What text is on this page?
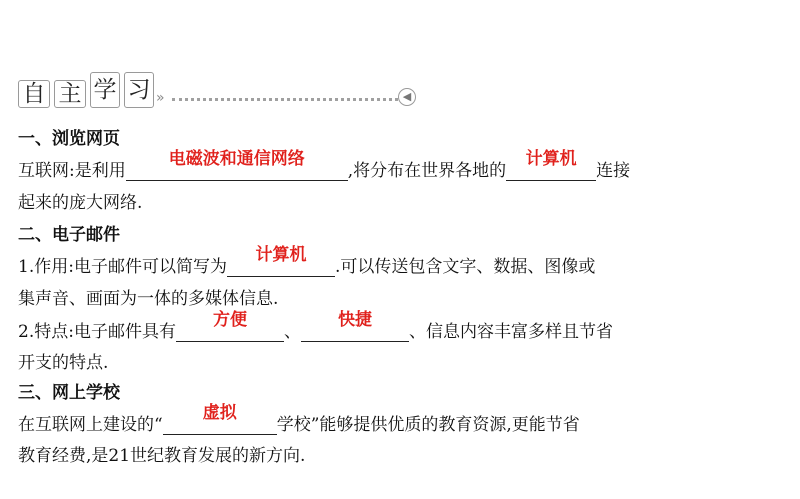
自 主 学 习 »	◀
一、浏览网页
互联网:是利用
电磁波和通信网络
,将分布在世界各地的
计算机
连接
起来的庞大网络.
二、电子邮件
1.作用:电子邮件可以简写为
计算机
.可以传送包含文字、数据、图像或
集声音、画面为一体的多媒体信息.
2.特点:电子邮件具有
方便
、
快捷
、信息内容丰富多样且节省
开支的特点.
三、网上学校
在互联网上建设的“
虚拟
学校”能够提供优质的教育资源,更能节省
教育经费,是21世纪教育发展的新方向.
